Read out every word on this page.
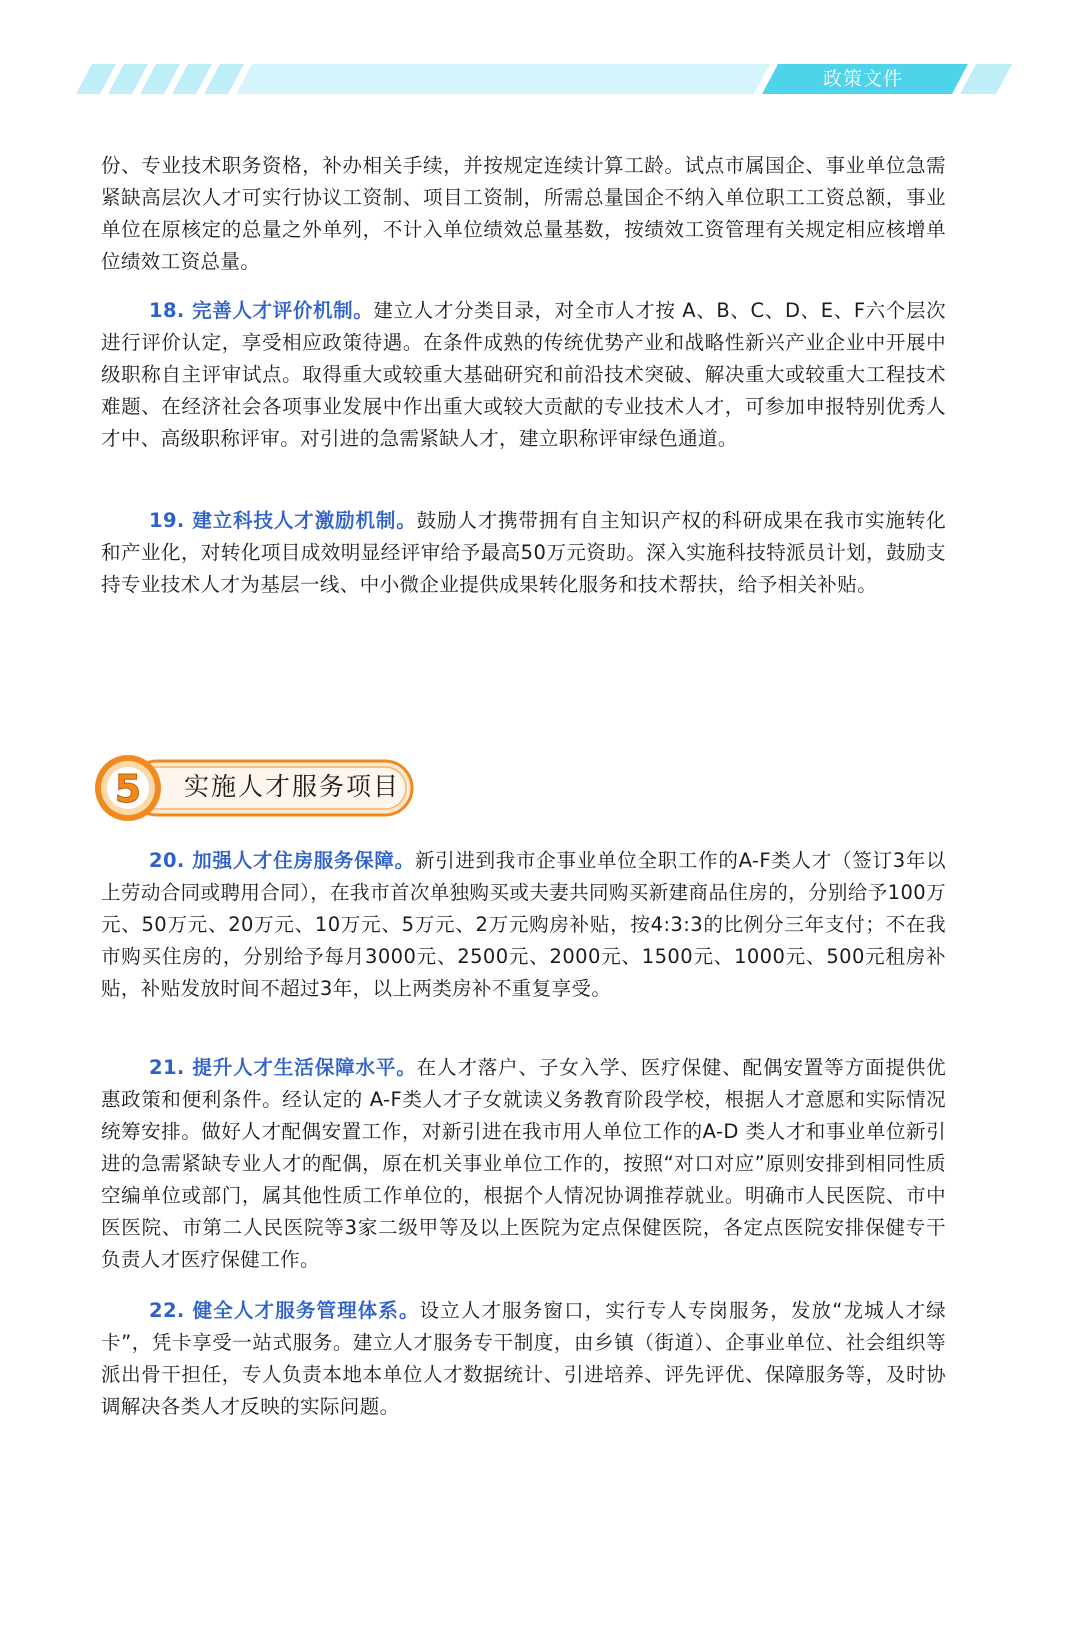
政策文件

份、专业技术职务资格，补办相关手续，并按规定连续计算工龄。试点市属国企、事业单位急需紧缺高层次人才可实行协议工资制、项目工资制，所需总量国企不纳入单位职工工资总额，事业单位在原核定的总量之外单列，不计入单位绩效总量基数，按绩效工资管理有关规定相应核增单位绩效工资总量。

18. 完善人才评价机制。建立人才分类目录，对全市人才按 A、B、C、D、E、F六个层次进行评价认定，享受相应政策待遇。在条件成熟的传统优势产业和战略性新兴产业企业中开展中级职称自主评审试点。取得重大或较重大基础研究和前沿技术突破、解决重大或较重大工程技术难题、在经济社会各项事业发展中作出重大或较大贡献的专业技术人才，可参加申报特别优秀人才中、高级职称评审。对引进的急需紧缺人才，建立职称评审绿色通道。

19. 建立科技人才激励机制。鼓励人才携带拥有自主知识产权的科研成果在我市实施转化和产业化，对转化项目成效明显经评审给予最高50万元资助。深入实施科技特派员计划，鼓励支持专业技术人才为基层一线、中小微企业提供成果转化服务和技术帮扶，给予相关补贴。

5 实施人才服务项目

20. 加强人才住房服务保障。新引进到我市企事业单位全职工作的A-F类人才（签订3年以上劳动合同或聘用合同），在我市首次单独购买或夫妻共同购买新建商品住房的，分别给予100万元、50万元、20万元、10万元、5万元、2万元购房补贴，按4:3:3的比例分三年支付；不在我市购买住房的，分别给予每月3000元、2500元、2000元、1500元、1000元、500元租房补贴，补贴发放时间不超过3年，以上两类房补不重复享受。

21. 提升人才生活保障水平。在人才落户、子女入学、医疗保健、配偶安置等方面提供优惠政策和便利条件。经认定的 A-F类人才子女就读义务教育阶段学校，根据人才意愿和实际情况统筹安排。做好人才配偶安置工作，对新引进在我市用人单位工作的A-D 类人才和事业单位新引进的急需紧缺专业人才的配偶，原在机关事业单位工作的，按照“对口对应”原则安排到相同性质空编单位或部门，属其他性质工作单位的，根据个人情况协调推荐就业。明确市人民医院、市中医医院、市第二人民医院等3家二级甲等及以上医院为定点保健医院，各定点医院安排保健专干负责人才医疗保健工作。

22. 健全人才服务管理体系。设立人才服务窗口，实行专人专岗服务，发放“龙城人才绿卡”，凭卡享受一站式服务。建立人才服务专干制度，由乡镇（街道）、企事业单位、社会组织等派出骨干担任，专人负责本地本单位人才数据统计、引进培养、评先评优、保障服务等，及时协调解决各类人才反映的实际问题。
